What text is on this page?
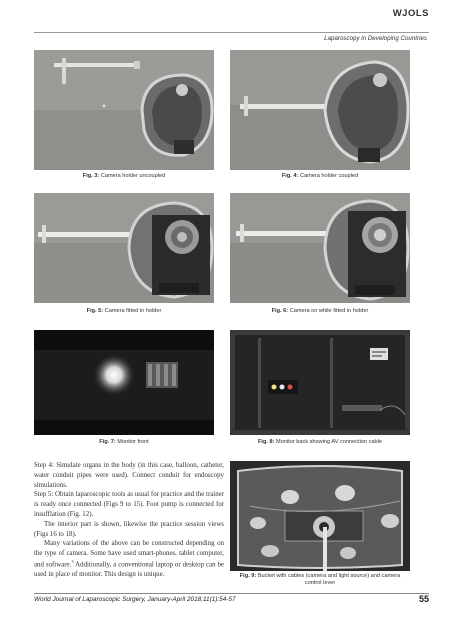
WJOLS
Laparoscopy in Developing Countries
Fig. 3: Camera holder uncoupled	Fig. 4: Camera holder coupled
Fig. 5: Camera fitted in holder	Fig. 6: Camera on while fitted in holder
Fig. 7: Monitor front	Fig. 8: Monitor back showing AV connection cable

Step 4: Simulate organs in the body (in this case, balloon, catheter, water conduit pipes were used). Connect conduit for endoscopy simulations.

Step 5: Obtain laparoscopic tools as usual for practice and the trainer is ready once connected (Figs 9 to 15). Foot pump is connected for insufflation (Fig. 12).

The interior part is shown, likewise the practice session views (Figs 16 to 18).

Many variations of the above can be constructed depending on the type of camera. Some have used smart-phones, tablet computer, and software.$^3$ Additionally, a conventional laptop or desktop can be used in place of monitor. This design is unique.	Fig. 9: Bucket with cables (camera and light source) and camera control lever
World Journal of Laparoscopic Surgery, January-April 2018;11(1):54-57	55
